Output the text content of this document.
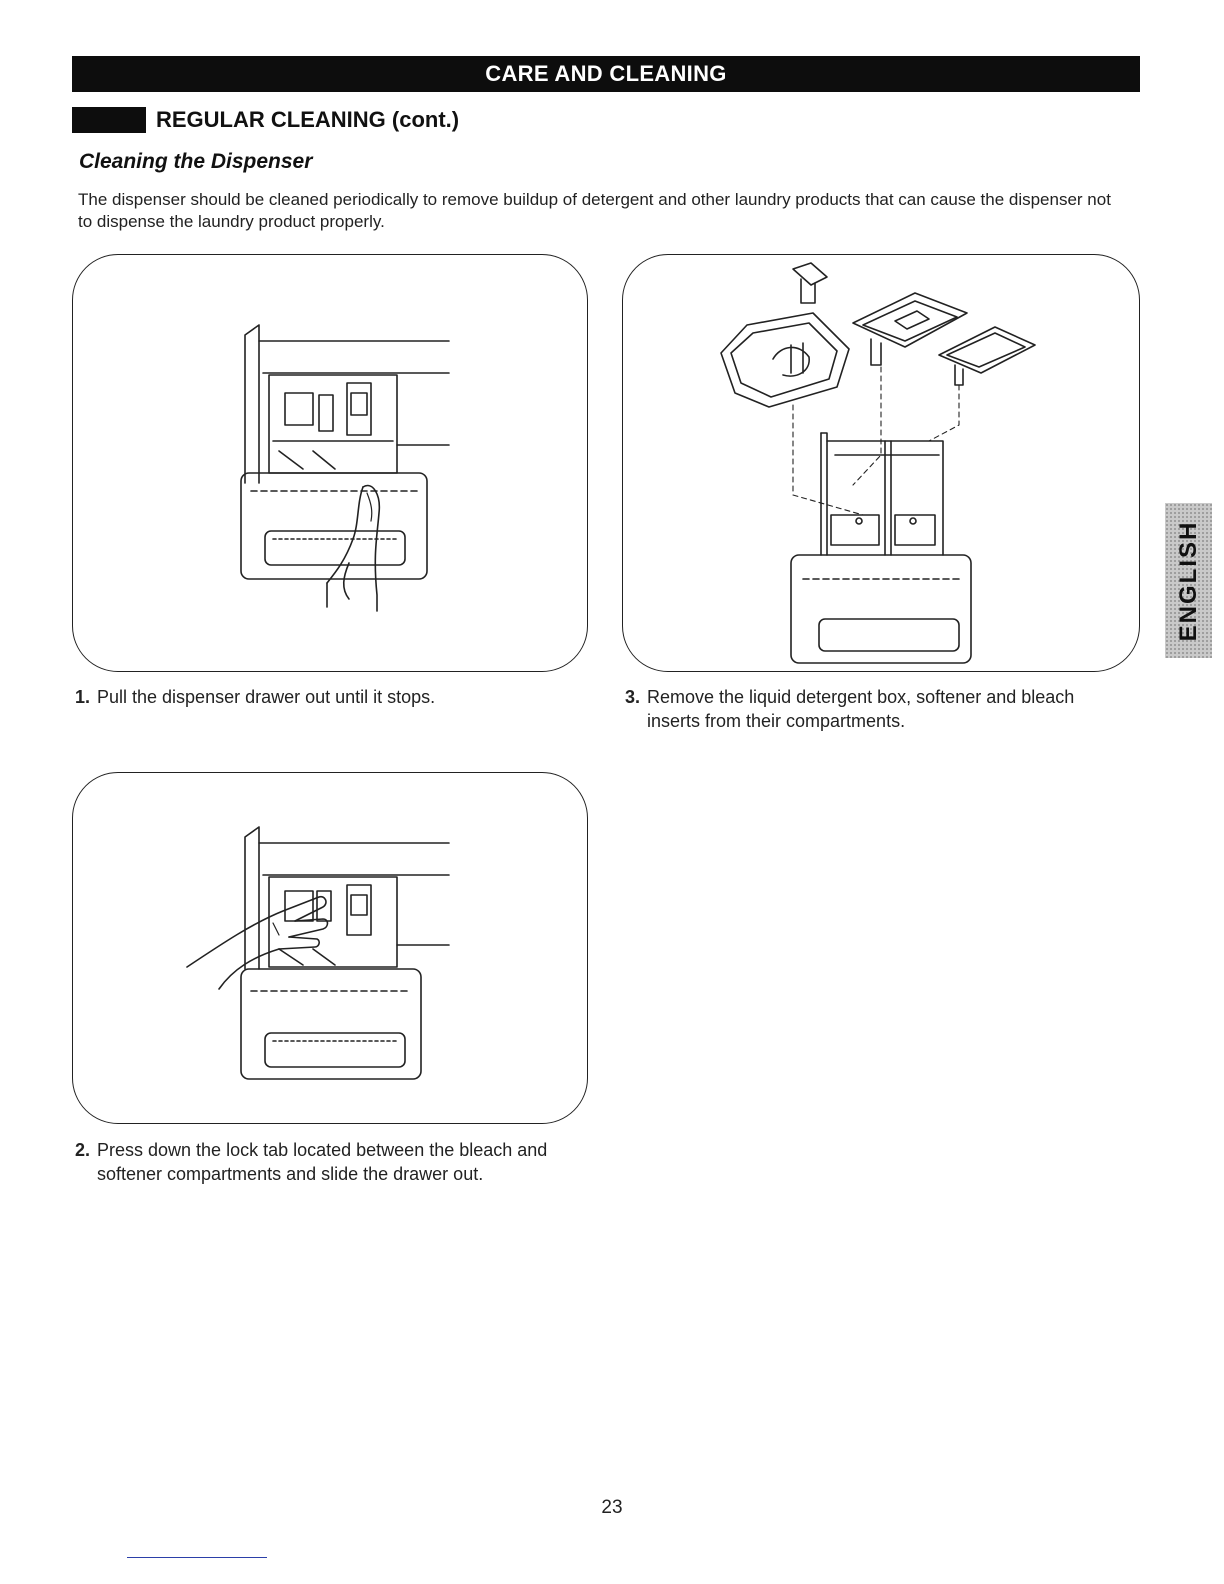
CARE AND CLEANING
REGULAR CLEANING (cont.)
Cleaning the Dispenser

The dispenser should be cleaned periodically to remove buildup of detergent and other laundry products that can cause the dispenser not to dispense the laundry product properly.

1. Pull the dispenser drawer out until it stops.	3. Remove the liquid detergent box, softener and bleach inserts from their compartments.
2. Press down the lock tab located between the bleach and softener compartments and slide the drawer out.
ENGLISH
23
